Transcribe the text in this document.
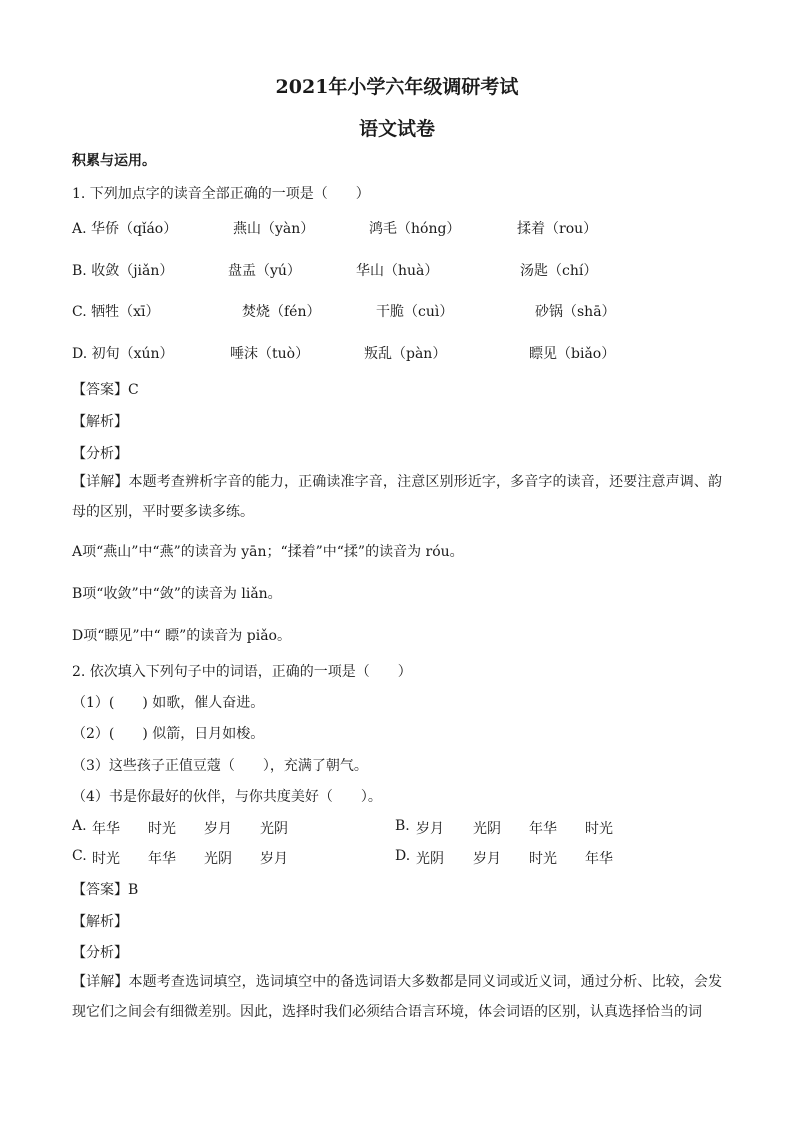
2021年小学六年级调研考试
语文试卷
积累与运用。
1. 下列加点字的读音全部正确的一项是（　　）
A. 华侨（qǐáo）	燕山（yàn）	鸿毛（hóng）	揉着（rou）
B. 收敛（jiǎn）	盘盂（yú）	华山（huà）	汤匙（chí）
C. 牺牲（xī）	焚烧（fén）	干脆（cuì）	砂锅（shā）
D. 初旬（xún）	唾沫（tuò）	叛乱（pàn）	瞟见（biǎo）
【答案】C
【解析】
【分析】
【详解】本题考查辨析字音的能力，正确读准字音，注意区别形近字，多音字的读音，还要注意声调、韵母的区别，平时要多读多练。
A项“燕山”中“燕”的读音为 yān；“揉着”中“揉”的读音为 róu。
B项“收敛”中“敛”的读音为 liǎn。
D项“瞟见”中“ 瞟”的读音为 piǎo。
2. 依次填入下列句子中的词语，正确的一项是（　　）
（1）(　　) 如歌，催人奋进。
（2）(　　) 似箭，日月如梭。
（3）这些孩子正值豆蔻（　　），充满了朝气。
（4）书是你最好的伙伴，与你共度美好（　　）。
A. 年华 时光 岁月 光阴	B. 岁月 光阴 年华 时光
C. 时光 年华 光阴 岁月	D. 光阴 岁月 时光 年华
【答案】B
【解析】
【分析】
【详解】本题考查选词填空，选词填空中的备选词语大多数都是同义词或近义词，通过分析、比较，会发现它们之间会有细微差别。因此，选择时我们必须结合语言环境，体会词语的区别，认真选择恰当的词
